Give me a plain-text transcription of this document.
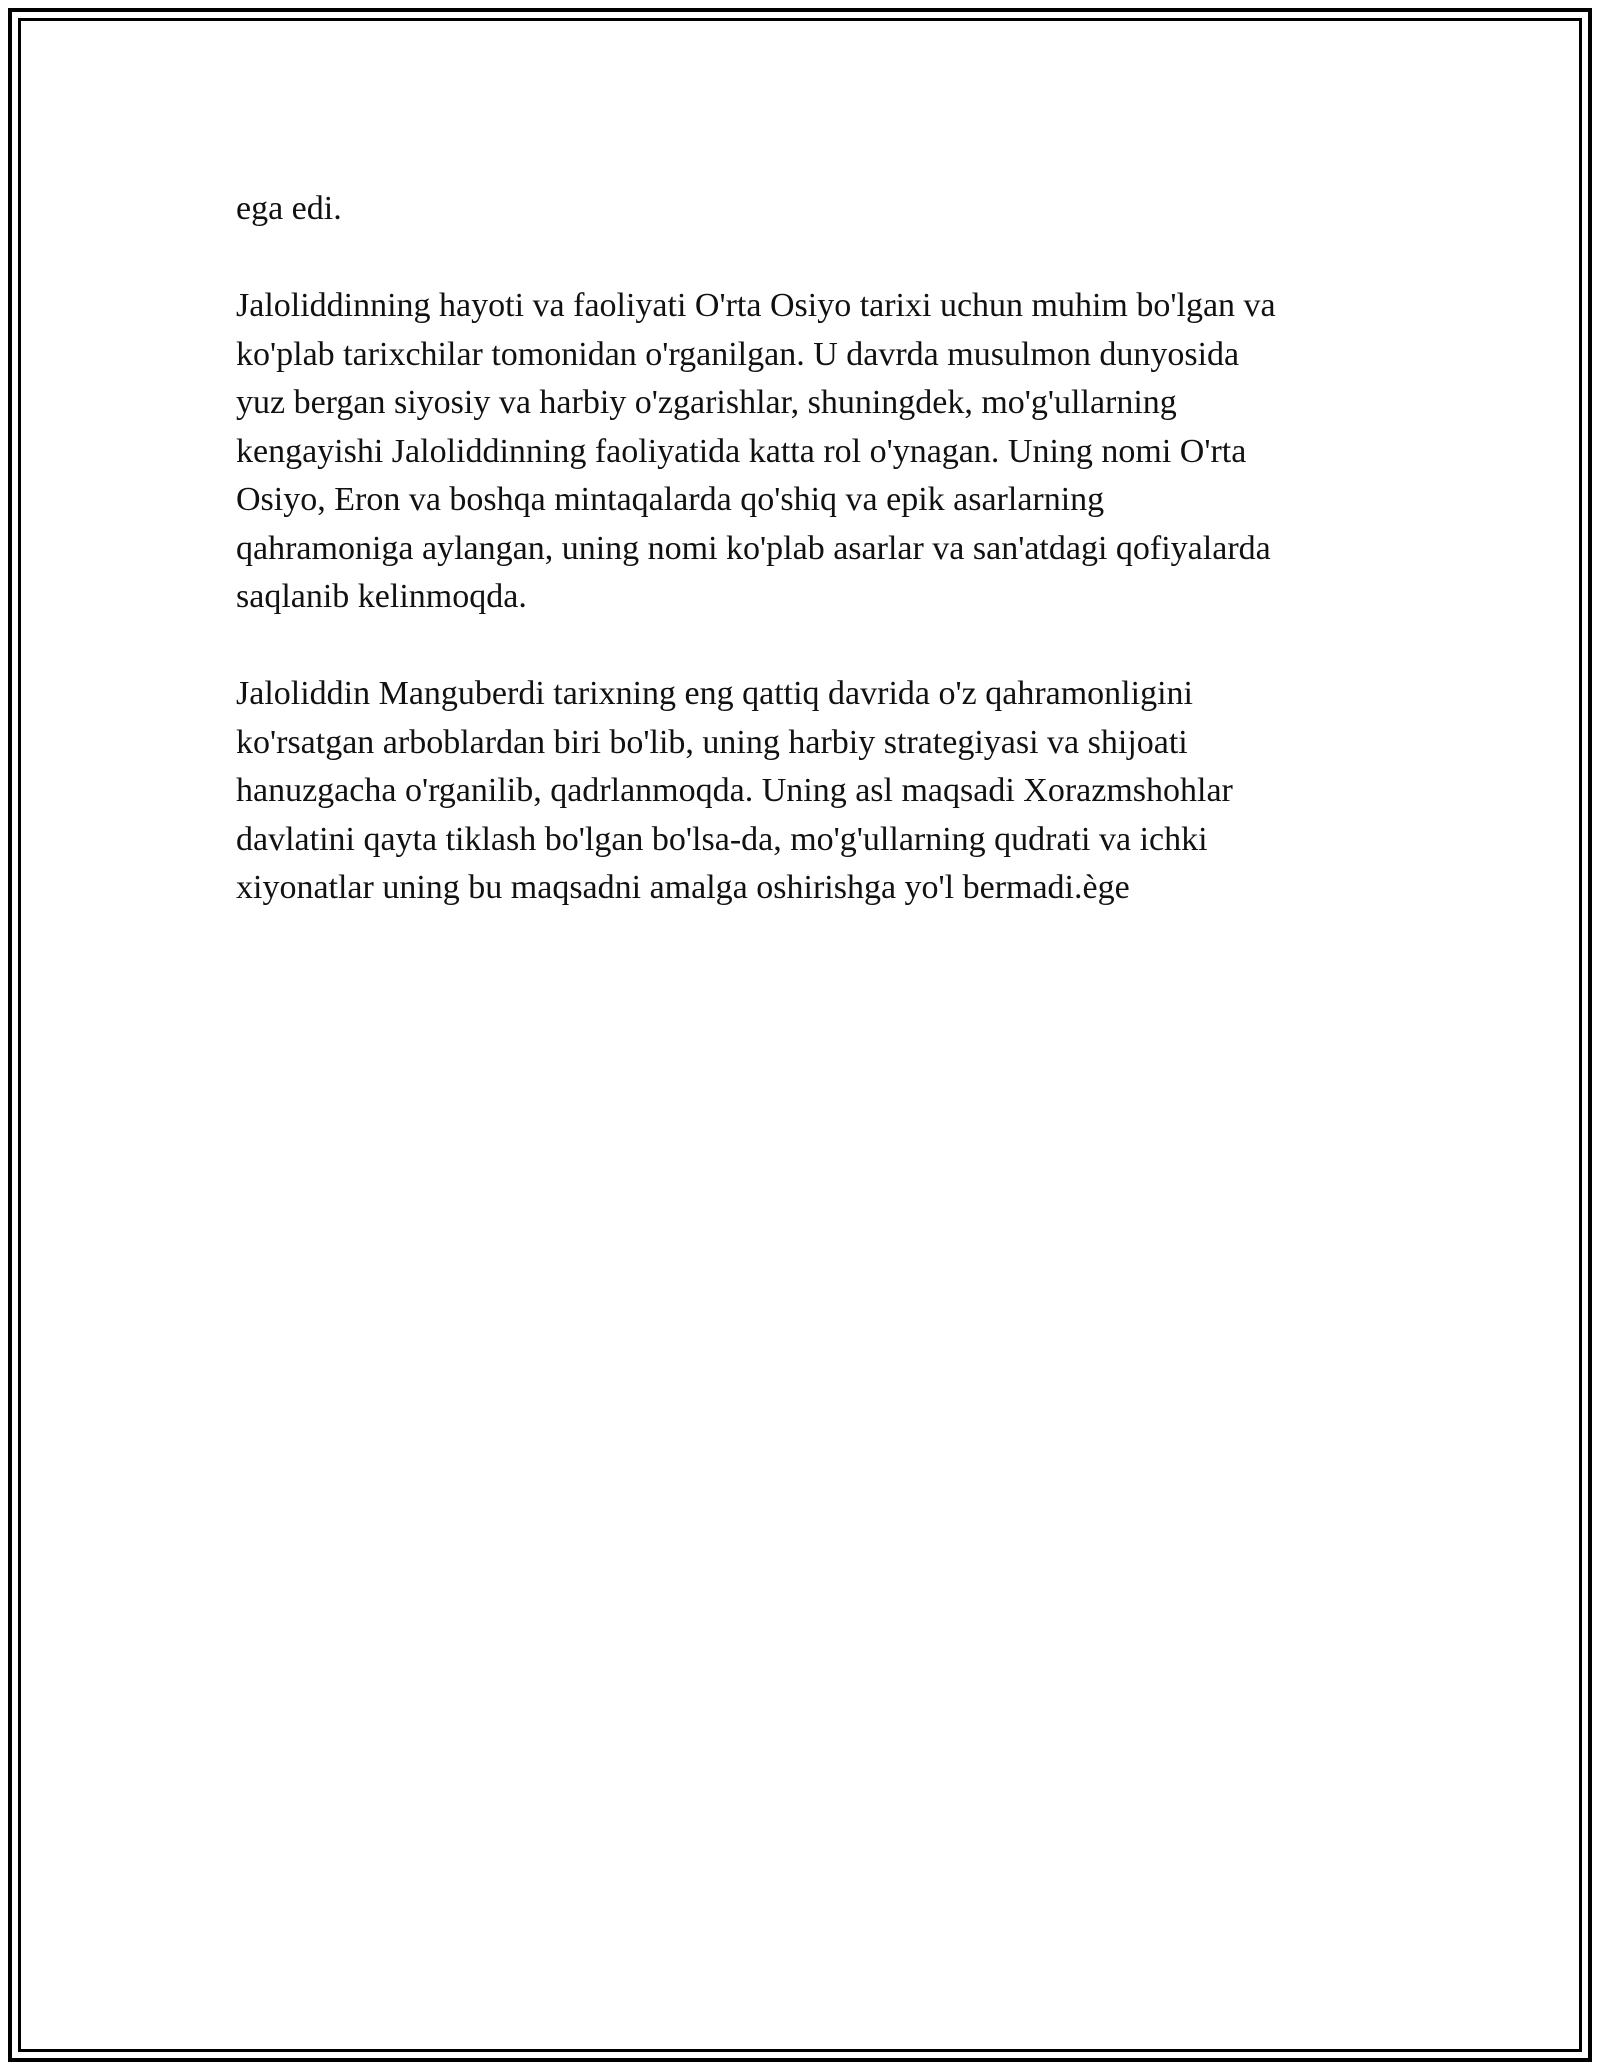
ega edi.

Jaloliddinning hayoti va faoliyati O'rta Osiyo tarixi uchun muhim bo'lgan va
ko'plab tarixchilar tomonidan o'rganilgan. U davrda musulmon dunyosida
yuz bergan siyosiy va harbiy o'zgarishlar, shuningdek, mo'g'ullarning
kengayishi Jaloliddinning faoliyatida katta rol o'ynagan. Uning nomi O'rta
Osiyo, Eron va boshqa mintaqalarda qo'shiq va epik asarlarning
qahramoniga aylangan, uning nomi ko'plab asarlar va san'atdagi qofiyalarda
saqlanib kelinmoqda.

Jaloliddin Manguberdi tarixning eng qattiq davrida o'z qahramonligini
ko'rsatgan arboblardan biri bo'lib, uning harbiy strategiyasi va shijoati
hanuzgacha o'rganilib, qadrlanmoqda. Uning asl maqsadi Xorazmshohlar
davlatini qayta tiklash bo'lgan bo'lsa-da, mo'g'ullarning qudrati va ichki
xiyonatlar uning bu maqsadni amalga oshirishga yo'l bermadi.ège
